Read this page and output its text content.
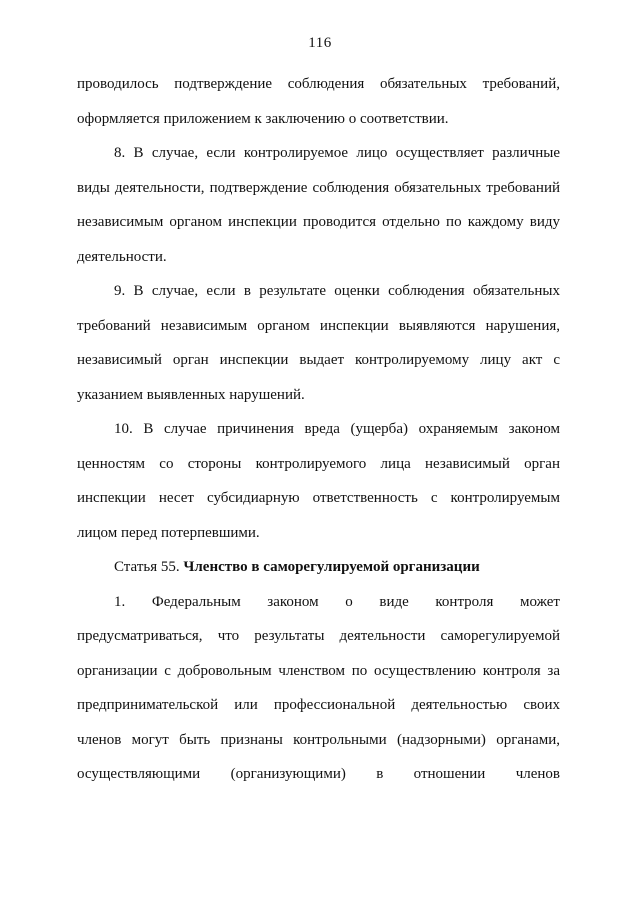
116

проводилось подтверждение соблюдения обязательных требований,
оформляется приложением к заключению о соответствии.

8. В случае, если контролируемое лицо осуществляет различные
виды деятельности, подтверждение соблюдения обязательных требований
независимым органом инспекции проводится отдельно по каждому виду
деятельности.

9. В случае, если в результате оценки соблюдения обязательных
требований независимым органом инспекции выявляются нарушения,
независимый орган инспекции выдает контролируемому лицу акт с
указанием выявленных нарушений.

10. В случае причинения вреда (ущерба) охраняемым законом
ценностям со стороны контролируемого лица независимый орган
инспекции несет субсидиарную ответственность с контролируемым
лицом перед потерпевшими.

Статья 55. Членство в саморегулируемой организации

1. Федеральным законом о виде контроля может
предусматриваться, что результаты деятельности саморегулируемой
организации с добровольным членством по осуществлению контроля за
предпринимательской или профессиональной деятельностью своих
членов могут быть признаны контрольными (надзорными) органами,
осуществляющими (организующими) в отношении членов
